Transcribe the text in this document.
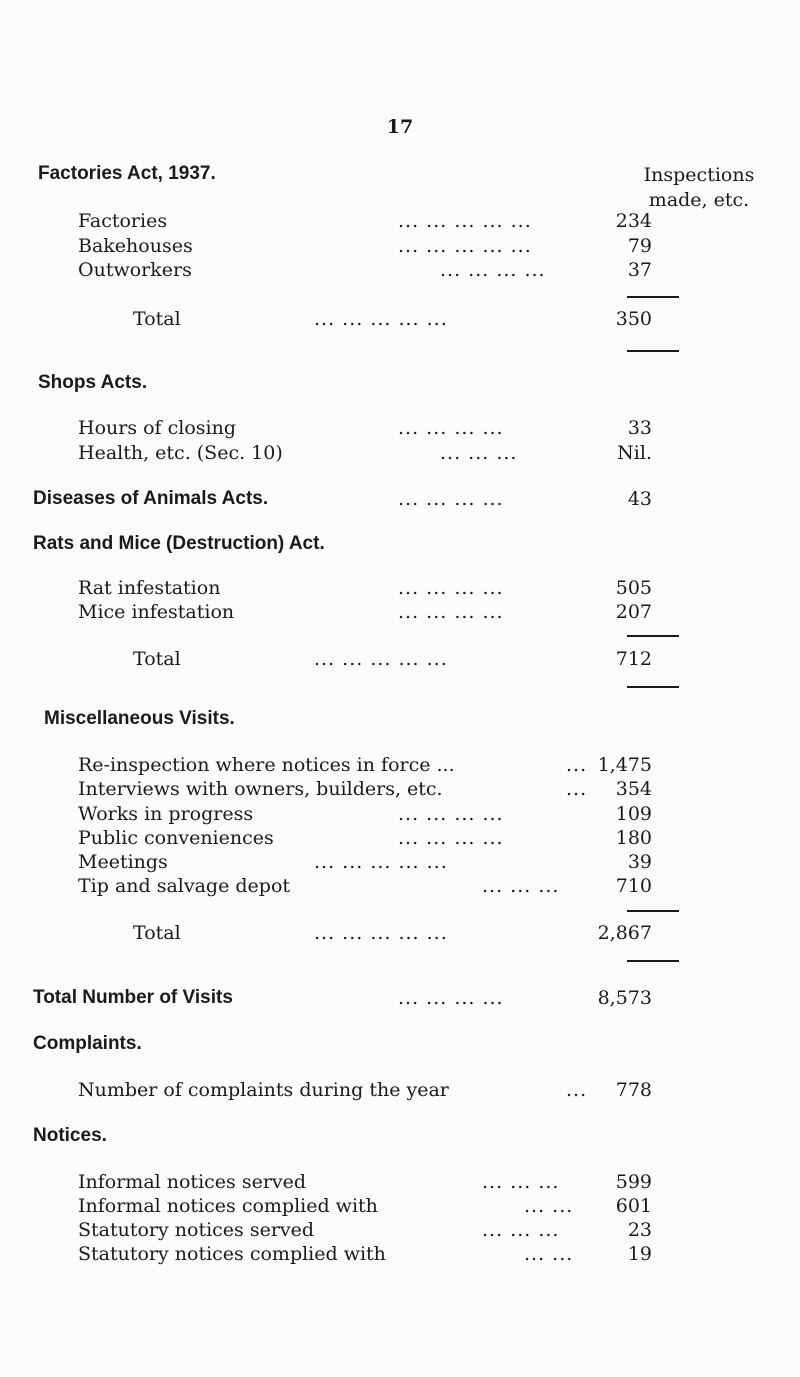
17
Factories Act, 1937.	Inspections
made, etc.
Factories	... ... ... ... ...	234
Bakehouses	... ... ... ... ...	79
Outworkers	... ... ... ...	37
Total	... ... ... ... ...	350
Shops Acts.
Hours of closing	... ... ... ...	33
Health, etc. (Sec. 10)	... ... ...	Nil.
Diseases of Animals Acts.	... ... ... ...	43
Rats and Mice (Destruction) Act.
Rat infestation	... ... ... ...	505
Mice infestation	... ... ... ...	207
Total	... ... ... ... ...	712
Miscellaneous Visits.
Re-inspection where notices in force ...	... 1,475
Interviews with owners, builders, etc.	... 354
Works in progress	... ... ... ...	109
Public conveniences	... ... ... ...	180
Meetings	... ... ... ... ...	39
Tip and salvage depot	... ... ...	710
Total	... ... ... ... ...	2,867
Total Number of Visits	... ... ... ...	8,573
Complaints.
Number of complaints during the year	... 778
Notices.
Informal notices served	... ... ...	599
Informal notices complied with	... ... 601
Statutory notices served	... ... ...	23
Statutory notices complied with	... ...	19
